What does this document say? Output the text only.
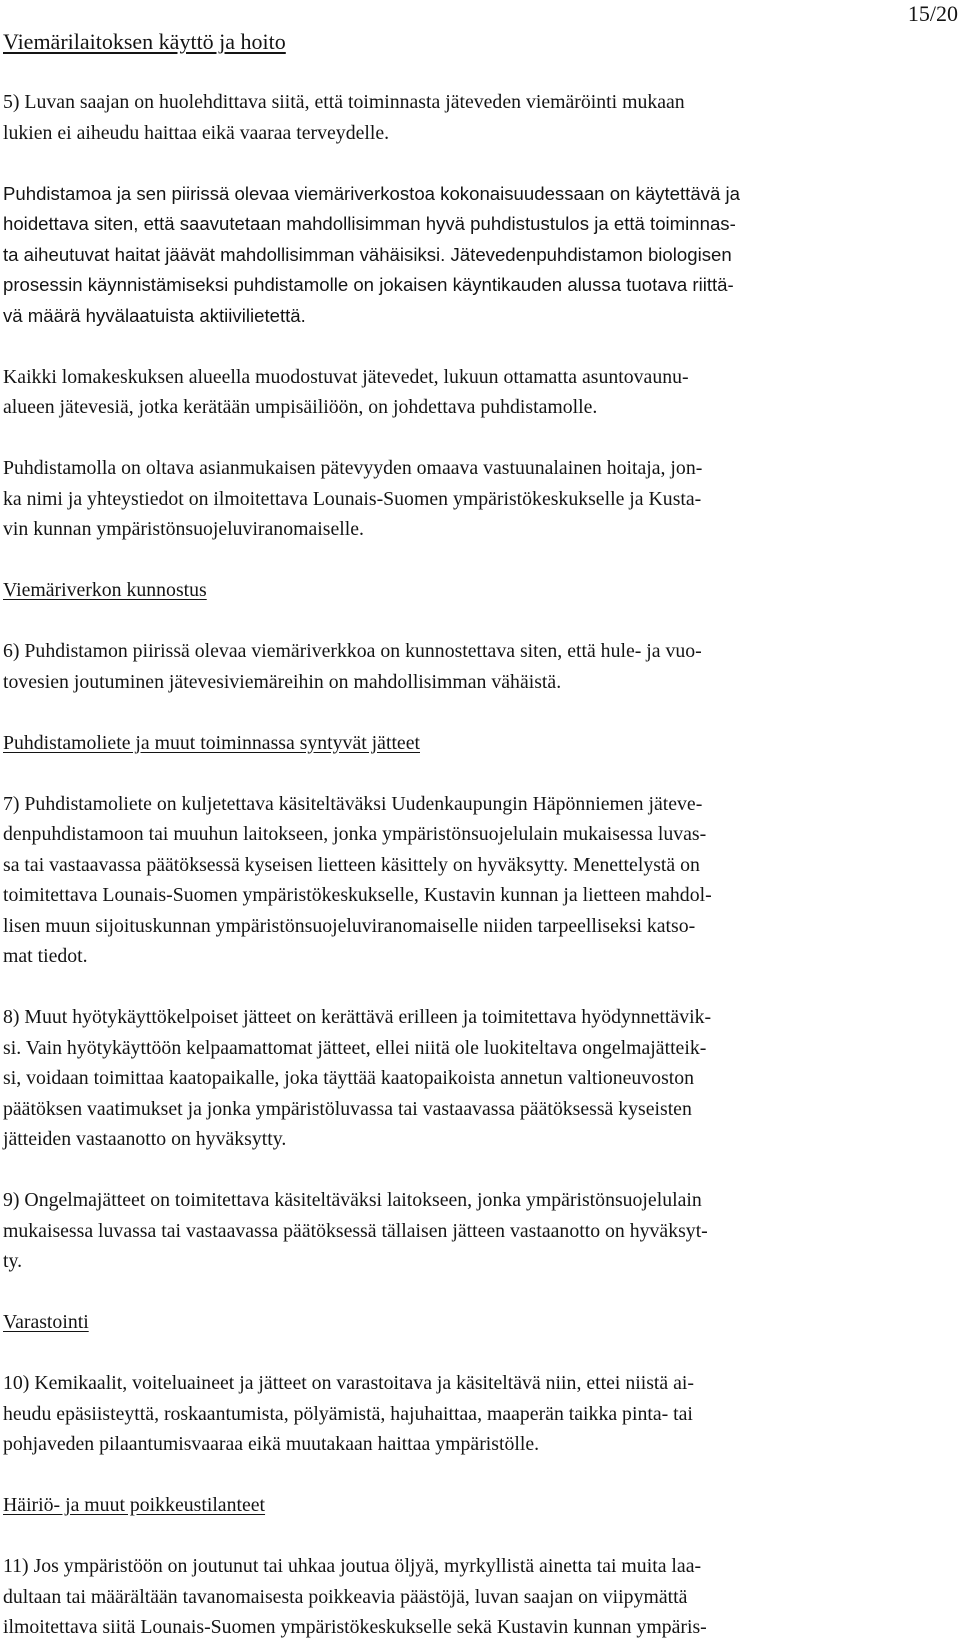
15/20
Viemärilaitoksen käyttö ja hoito

5) Luvan saajan on huolehdittava siitä, että toiminnasta jäteveden viemäröinti mukaan
lukien ei aiheudu haittaa eikä vaaraa terveydelle.

Puhdistamoa ja sen piirissä olevaa viemäriverkostoa kokonaisuudessaan on käytettävä ja
hoidettava siten, että saavutetaan mahdollisimman hyvä puhdistustulos ja että toiminnas-
ta aiheutuvat haitat jäävät mahdollisimman vähäisiksi. Jätevedenpuhdistamon biologisen
prosessin käynnistämiseksi puhdistamolle on jokaisen käyntikauden alussa tuotava riittä-
vä määrä hyvälaatuista aktiivilietettä.

Kaikki lomakeskuksen alueella muodostuvat jätevedet, lukuun ottamatta asuntovaunu-
alueen jätevesiä, jotka kerätään umpisäiliöön, on johdettava puhdistamolle.

Puhdistamolla on oltava asianmukaisen pätevyyden omaava vastuunalainen hoitaja, jon-
ka nimi ja yhteystiedot on ilmoitettava Lounais-Suomen ympäristökeskukselle ja Kusta-
vin kunnan ympäristönsuojeluviranomaiselle.

Viemäriverkon kunnostus

6) Puhdistamon piirissä olevaa viemäriverkkoa on kunnostettava siten, että hule- ja vuo-
tovesien joutuminen jätevesiviemäreihin on mahdollisimman vähäistä.

Puhdistamoliete ja muut toiminnassa syntyvät jätteet

7) Puhdistamoliete on kuljetettava käsiteltäväksi Uudenkaupungin Häpönniemen jäteve-
denpuhdistamoon tai muuhun laitokseen, jonka ympäristönsuojelulain mukaisessa luvas-
sa tai vastaavassa päätöksessä kyseisen lietteen käsittely on hyväksytty. Menettelystä on
toimitettava Lounais-Suomen ympäristökeskukselle, Kustavin kunnan ja lietteen mahdol-
lisen muun sijoituskunnan ympäristönsuojeluviranomaiselle niiden tarpeelliseksi katso-
mat tiedot.

8) Muut hyötykäyttökelpoiset jätteet on kerättävä erilleen ja toimitettava hyödynnettävik-
si. Vain hyötykäyttöön kelpaamattomat jätteet, ellei niitä ole luokiteltava ongelmajätteik-
si, voidaan toimittaa kaatopaikalle, joka täyttää kaatopaikoista annetun valtioneuvoston
päätöksen vaatimukset ja jonka ympäristöluvassa tai vastaavassa päätöksessä kyseisten
jätteiden vastaanotto on hyväksytty.

9) Ongelmajätteet on toimitettava käsiteltäväksi laitokseen, jonka ympäristönsuojelulain
mukaisessa luvassa tai vastaavassa päätöksessä tällaisen jätteen vastaanotto on hyväksyt-
ty.

Varastointi

10) Kemikaalit, voiteluaineet ja jätteet on varastoitava ja käsiteltävä niin, ettei niistä ai-
heudu epäsiisteyttä, roskaantumista, pölyämistä, hajuhaittaa, maaperän taikka pinta- tai
pohjaveden pilaantumisvaaraa eikä muutakaan haittaa ympäristölle.

Häiriö- ja muut poikkeustilanteet

11) Jos ympäristöön on joutunut tai uhkaa joutua öljyä, myrkyllistä ainetta tai muita laa-
dultaan tai määrältään tavanomaisesta poikkeavia päästöjä, luvan saajan on viipymättä
ilmoitettava siitä Lounais-Suomen ympäristökeskukselle sekä Kustavin kunnan ympäris-
